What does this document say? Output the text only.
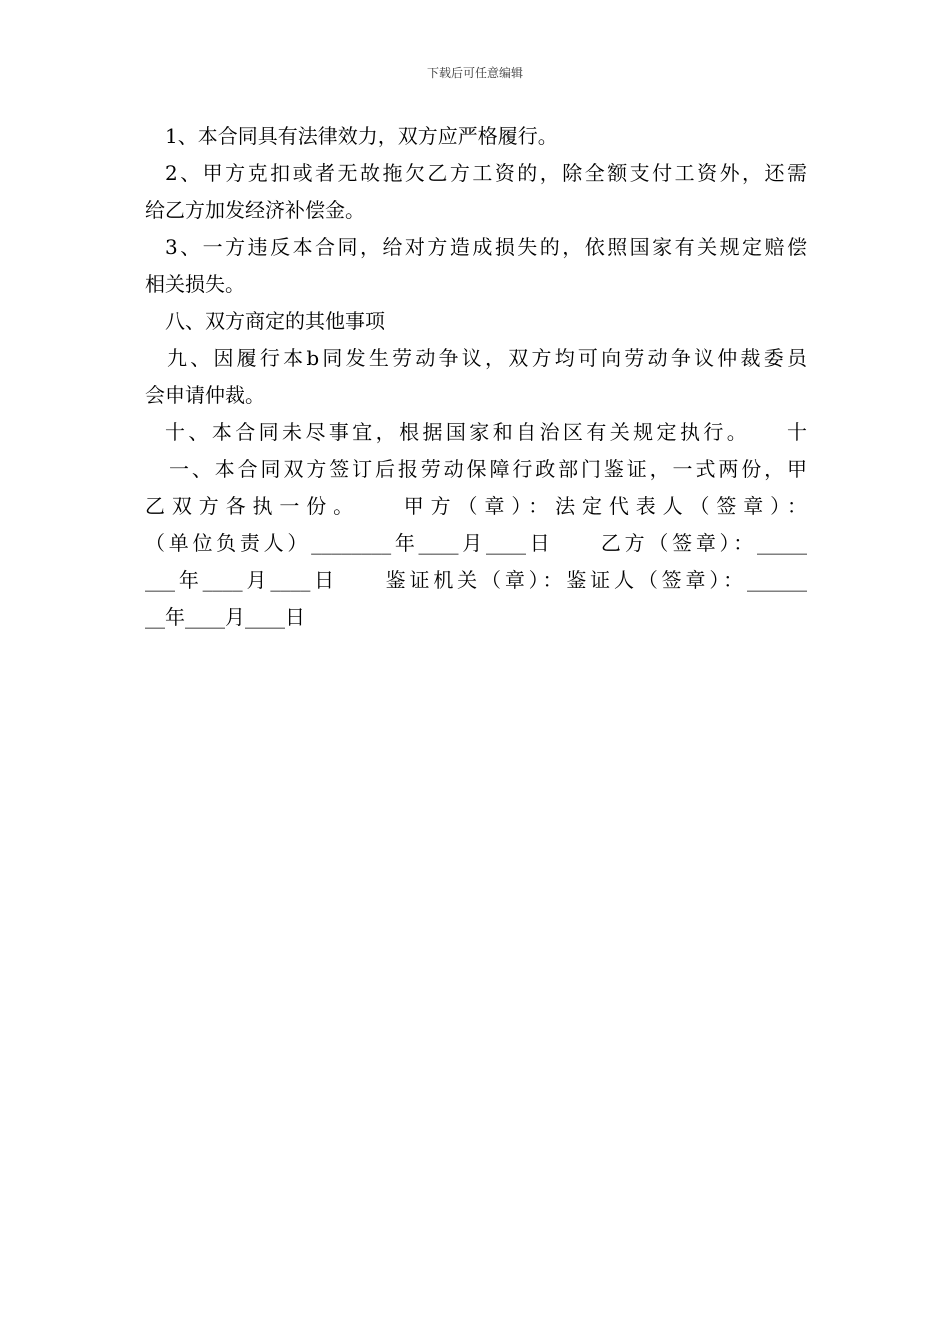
下载后可任意编辑
1、本合同具有法律效力，双方应严格履行。
2、甲方克扣或者无故拖欠乙方工资的，除全额支付工资外，还需
给乙方加发经济补偿金。
3、一方违反本合同，给对方造成损失的，依照国家有关规定赔偿
相关损失。
八、双方商定的其他事项
九、因履行本b同发生劳动争议，双方均可向劳动争议仲裁委员
会申请仲裁。
十、本合同未尽事宜，根据国家和自治区有关规定执行。　　十
一、本合同双方签订后报劳动保障行政部门鉴证，一式两份，甲
乙双方各执一份。　　甲方（章）：法定代表人（签章）：
（单位负责人）________年____月____日　　乙方（签章）：_____
___年____月____日　　鉴证机关（章）：鉴证人（签章）：______
__年____月____日
